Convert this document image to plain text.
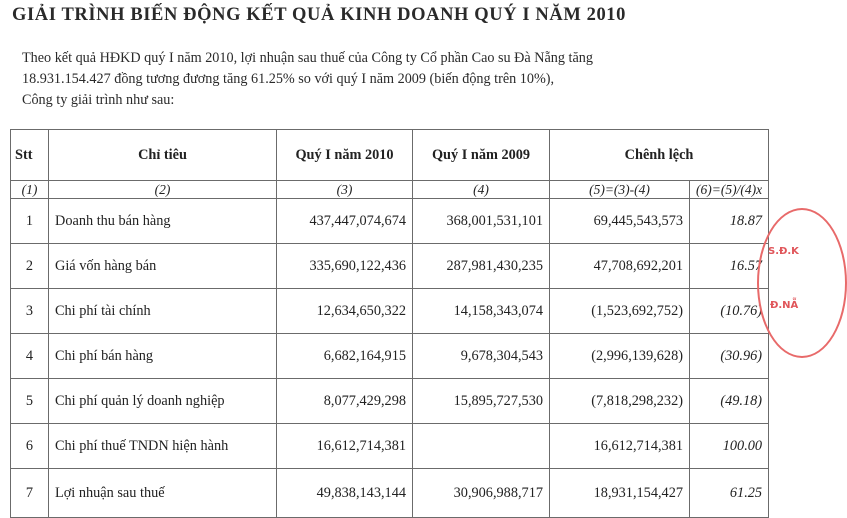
GIẢI TRÌNH BIẾN ĐỘNG KẾT QUẢ KINH DOANH QUÝ I NĂM 2010
Theo kết quả HĐKD quý I năm 2010, lợi nhuận sau thuế của Công ty Cổ phần Cao su Đà Nẵng tăng
18.931.154.427 đồng tương đương tăng 61.25% so với quý I năm 2009 (biến động trên 10%),
Công ty giải trình như sau:
Stt	Chỉ tiêu	Quý I năm 2010	Quý I năm 2009	Chênh lệch	
(1)	(2)	(3)	(4)	(5)=(3)-(4)	(6)=(5)/(4)x
1	Doanh thu bán hàng	437,447,074,674	368,001,531,101	69,445,543,573	18.87
2	Giá vốn hàng bán	335,690,122,436	287,981,430,235	47,708,692,201	16.57
3	Chi phí tài chính	12,634,650,322	14,158,343,074	(1,523,692,752)	(10.76)
4	Chi phí bán hàng	6,682,164,915	9,678,304,543	(2,996,139,628)	(30.96)
5	Chi phí quản lý doanh nghiệp	8,077,429,298	15,895,727,530	(7,818,298,232)	(49.18)
6	Chi phí thuế TNDN hiện hành	16,612,714,381		16,612,714,381	100.00
7	Lợi nhuận sau thuế	49,838,143,144	30,906,988,717	18,931,154,427	61.25
S.Đ.K
Đ.NẴ
